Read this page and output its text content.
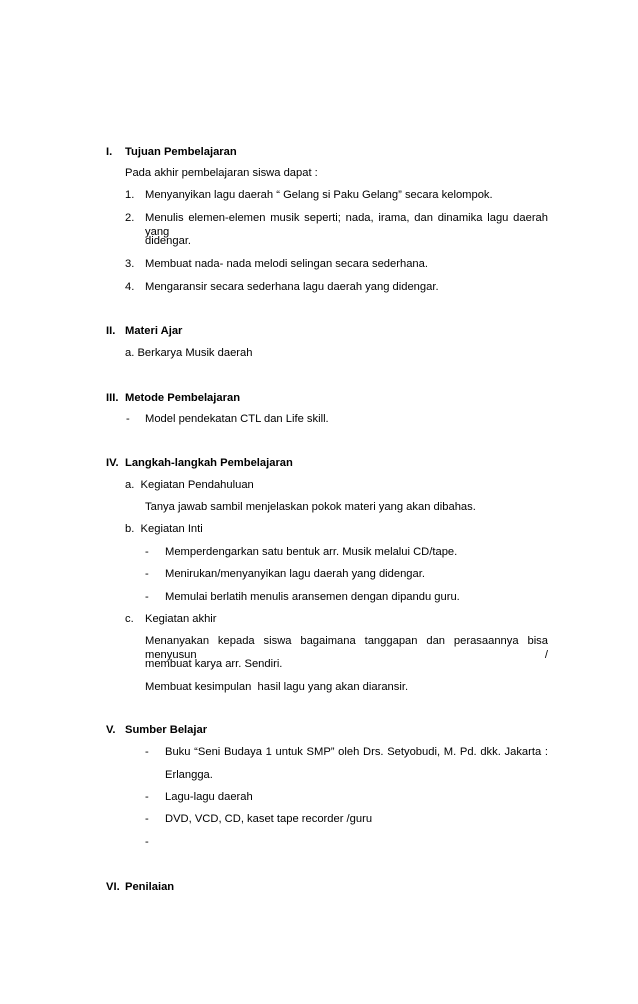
I. Tujuan Pembelajaran
Pada akhir pembelajaran siswa dapat :
1. Menyanyikan lagu daerah “ Gelang si Paku Gelang” secara kelompok.
2. Menulis elemen-elemen musik seperti; nada, irama, dan dinamika lagu daerah yang
didengar.
3. Membuat nada- nada melodi selingan secara sederhana.
4. Mengaransir secara sederhana lagu daerah yang didengar.
II. Materi Ajar
a. Berkarya Musik daerah
III. Metode Pembelajaran
- Model pendekatan CTL dan Life skill.
IV. Langkah-langkah Pembelajaran
a.  Kegiatan Pendahuluan
Tanya jawab sambil menjelaskan pokok materi yang akan dibahas.
b.  Kegiatan Inti
- Memperdengarkan satu bentuk arr. Musik melalui CD/tape.
- Menirukan/menyanyikan lagu daerah yang didengar.
- Memulai berlatih menulis aransemen dengan dipandu guru.
c. Kegiatan akhir
Menanyakan kepada siswa bagaimana tanggapan dan perasaannya bisa menyusun /
membuat karya arr. Sendiri.
Membuat kesimpulan  hasil lagu yang akan diaransir.
V. Sumber Belajar
- Buku “Seni Budaya 1 untuk SMP” oleh Drs. Setyobudi, M. Pd. dkk. Jakarta :
Erlangga.
- Lagu-lagu daerah
- DVD, VCD, CD, kaset tape recorder /guru
-
VI. Penilaian
